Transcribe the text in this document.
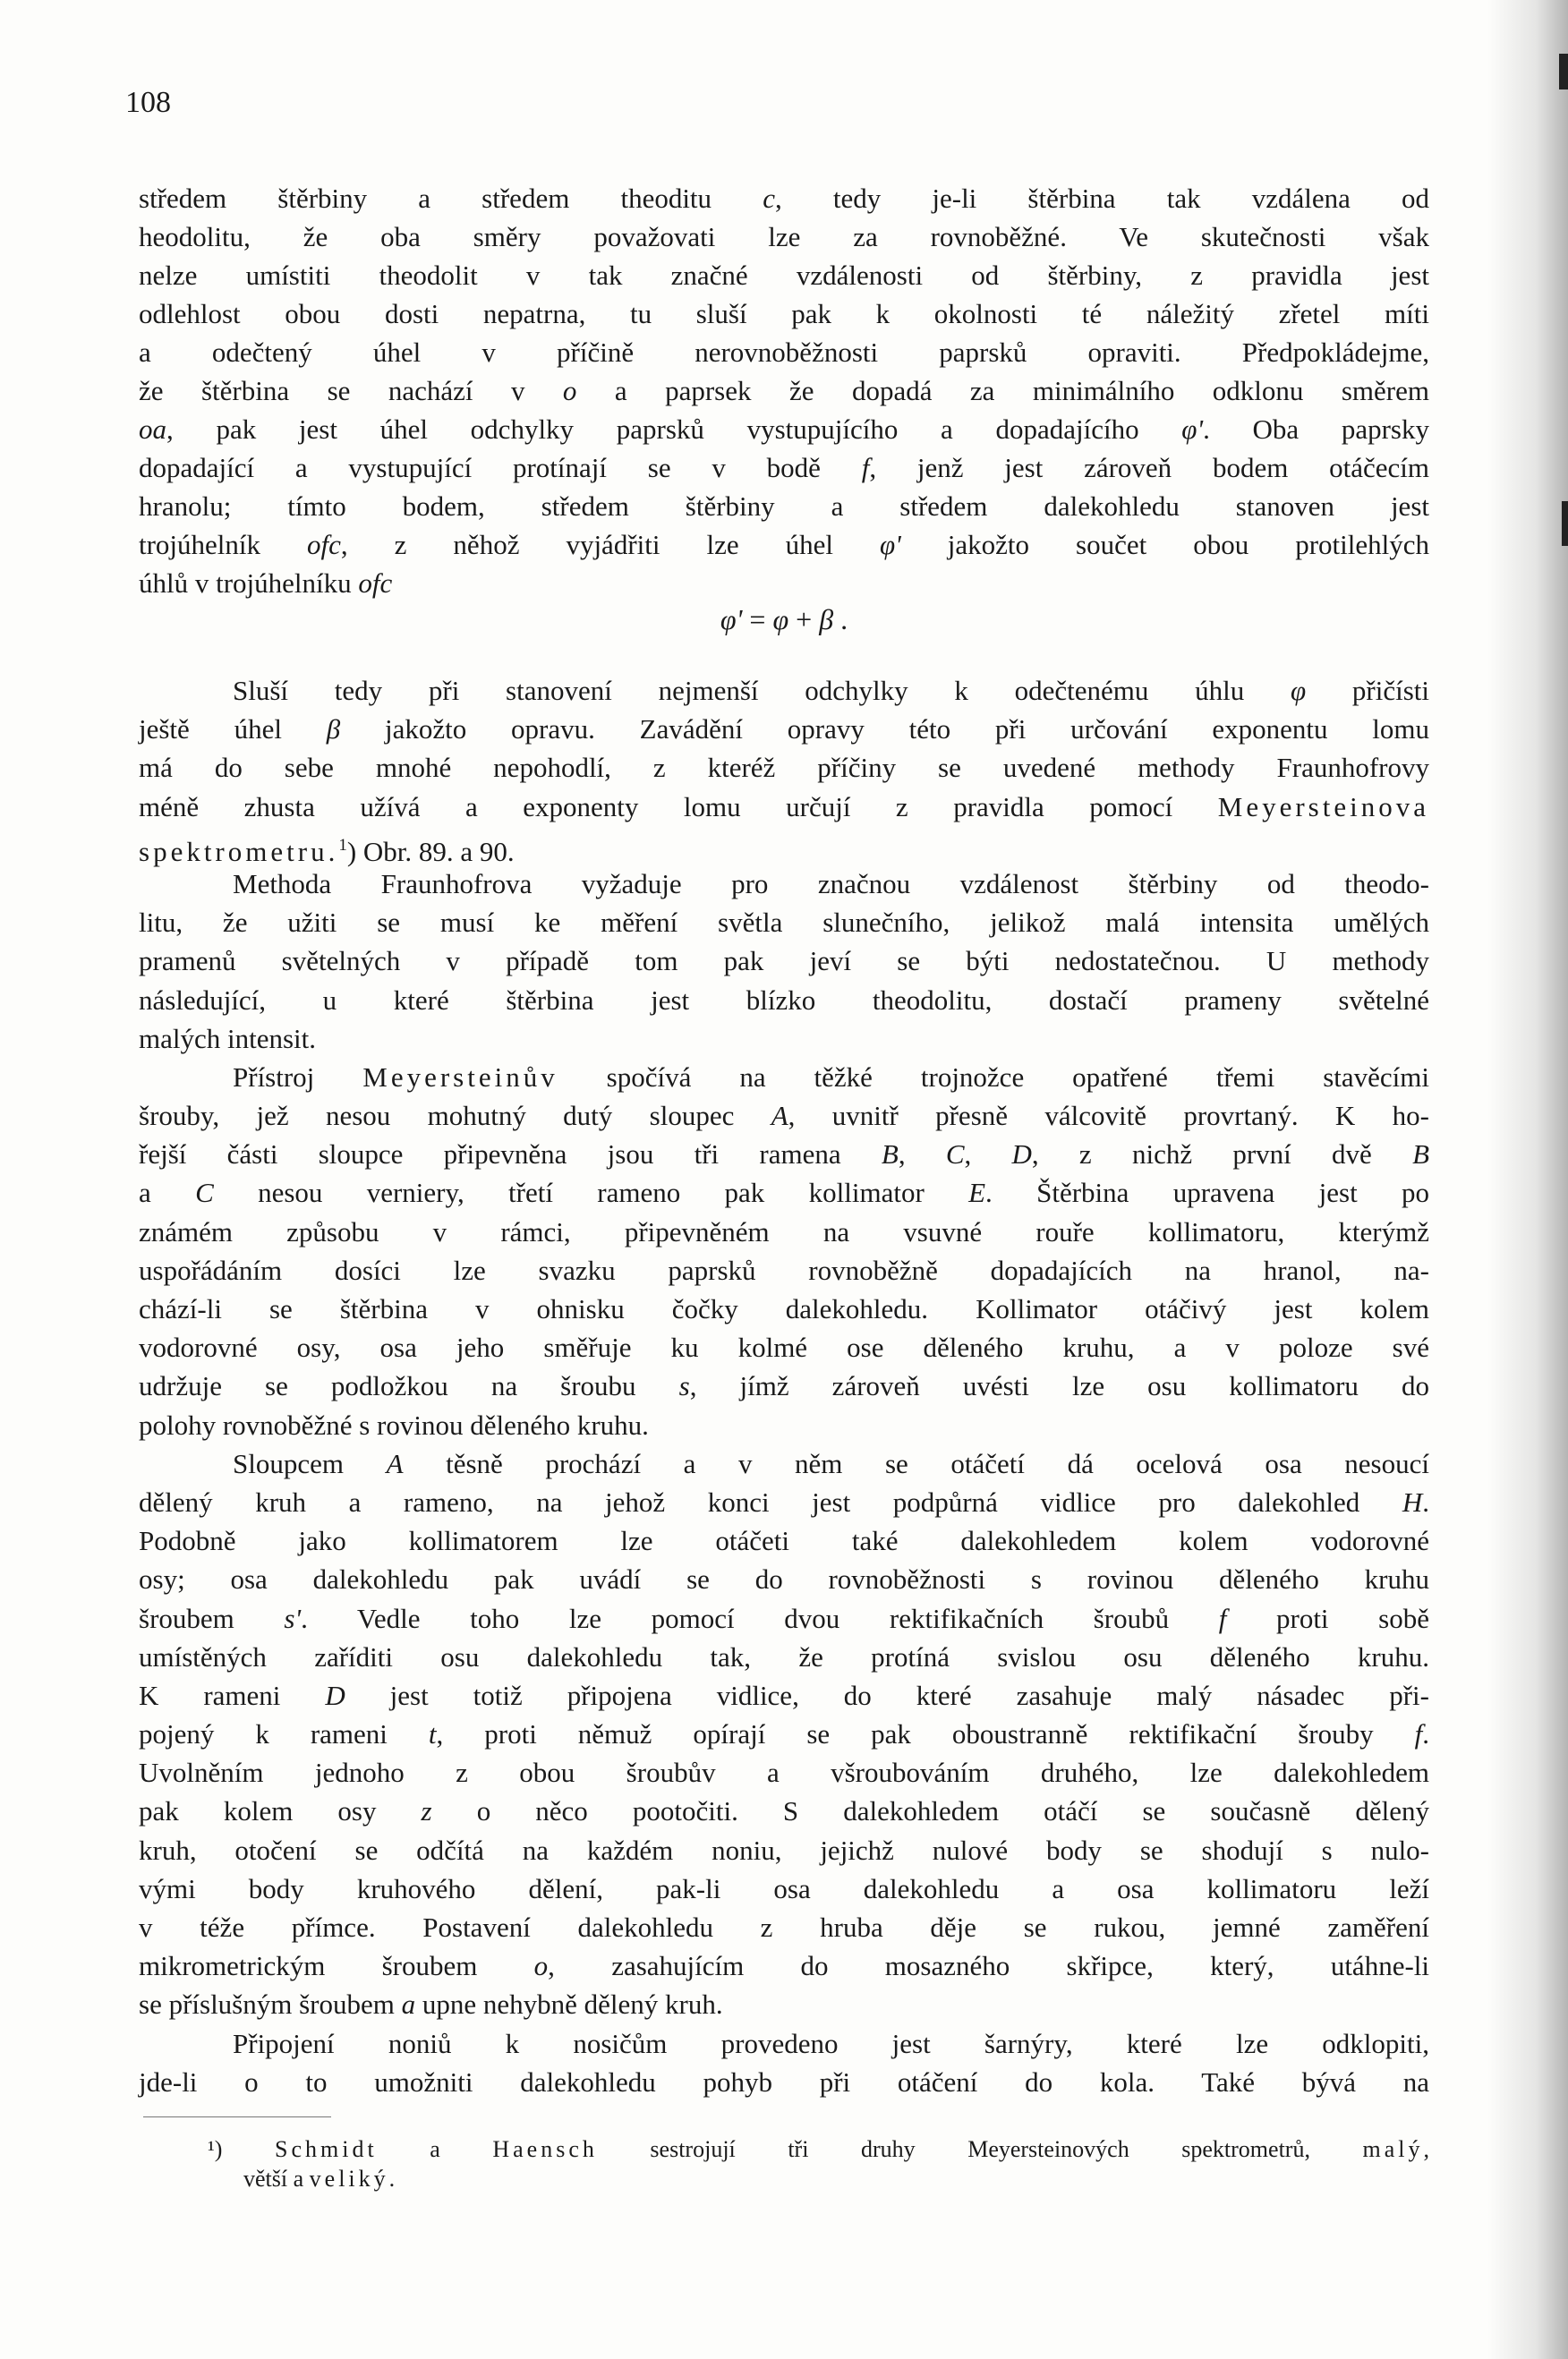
108
středem štěrbiny a středem theoditu c, tedy je-li štěrbina tak vzdálena od
heodolitu, že oba směry považovati lze za rovnoběžné. Ve skutečnosti však
nelze umístiti theodolit v tak značné vzdálenosti od štěrbiny, z pravidla jest
odlehlost obou dosti nepatrna, tu sluší pak k okolnosti té náležitý zřetel míti
a odečtený úhel v příčině nerovnoběžnosti paprsků opraviti. Předpokládejme,
že štěrbina se nachází v o a paprsek že dopadá za minimálního odklonu směrem
oa, pak jest úhel odchylky paprsků vystupujícího a dopadajícího φ'. Oba paprsky
dopadající a vystupující protínají se v bodě f, jenž jest zároveň bodem otáčecím
hranolu; tímto bodem, středem štěrbiny a středem dalekohledu stanoven jest
trojúhelník ofc, z něhož vyjádřiti lze úhel φ' jakožto součet obou protilehlých
úhlů v trojúhelníku ofc
φ' = φ + β .
Sluší tedy při stanovení nejmenší odchylky k odečtenému úhlu φ přičísti
ještě úhel β jakožto opravu. Zavádění opravy této při určování exponentu lomu
má do sebe mnohé nepohodlí, z kteréž příčiny se uvedené methody Fraunhofrovy
méně zhusta užívá a exponenty lomu určují z pravidla pomocí Meyersteinova
spektrometru.$^1$) Obr. 89. a 90.
Methoda Fraunhofrova vyžaduje pro značnou vzdálenost štěrbiny od theodo-
litu, že užiti se musí ke měření světla slunečního, jelikož malá intensita umělých
pramenů světelných v případě tom pak jeví se býti nedostatečnou. U methody
následující, u které štěrbina jest blízko theodolitu, dostačí prameny světelné
malých intensit.
Přístroj Meyersteinův spočívá na těžké trojnožce opatřené třemi stavěcími
šrouby, jež nesou mohutný dutý sloupec A, uvnitř přesně válcovitě provrtaný. K ho-
řejší části sloupce připevněna jsou tři ramena B, C, D, z nichž první dvě B
a C nesou verniery, třetí rameno pak kollimator E. Štěrbina upravena jest po
známém způsobu v rámci, připevněném na vsuvné rouře kollimatoru, kterýmž
uspořádáním dosíci lze svazku paprsků rovnoběžně dopadajících na hranol, na-
chází-li se štěrbina v ohnisku čočky dalekohledu. Kollimator otáčivý jest kolem
vodorovné osy, osa jeho směřuje ku kolmé ose děleného kruhu, a v poloze své
udržuje se podložkou na šroubu s, jímž zároveň uvésti lze osu kollimatoru do
polohy rovnoběžné s rovinou děleného kruhu.
Sloupcem A těsně prochází a v něm se otáčetí dá ocelová osa nesoucí
dělený kruh a rameno, na jehož konci jest podpůrná vidlice pro dalekohled H.
Podobně jako kollimatorem lze otáčeti také dalekohledem kolem vodorovné
osy; osa dalekohledu pak uvádí se do rovnoběžnosti s rovinou děleného kruhu
šroubem s'. Vedle toho lze pomocí dvou rektifikačních šroubů f proti sobě
umístěných zaříditi osu dalekohledu tak, že protíná svislou osu děleného kruhu.
K rameni D jest totiž připojena vidlice, do které zasahuje malý násadec při-
pojený k rameni t, proti němuž opírají se pak oboustranně rektifikační šrouby f.
Uvolněním jednoho z obou šroubův a všroubováním druhého, lze dalekohledem
pak kolem osy z o něco pootočiti. S dalekohledem otáčí se současně dělený
kruh, otočení se odčítá na každém noniu, jejichž nulové body se shodují s nulo-
vými body kruhového dělení, pak-li osa dalekohledu a osa kollimatoru leží
v téže přímce. Postavení dalekohledu z hruba děje se rukou, jemné zaměření
mikrometrickým šroubem o, zasahujícím do mosazného skřipce, který, utáhne-li
se příslušným šroubem a upne nehybně dělený kruh.
Připojení noniů k nosičům provedeno jest šarnýry, které lze odklopiti,
jde-li o to umožniti dalekohledu pohyb při otáčení do kola. Také bývá na
¹) Schmidt a Haensch sestrojují tři druhy Meyersteinových spektrometrů, malý,
větší a veliký.
